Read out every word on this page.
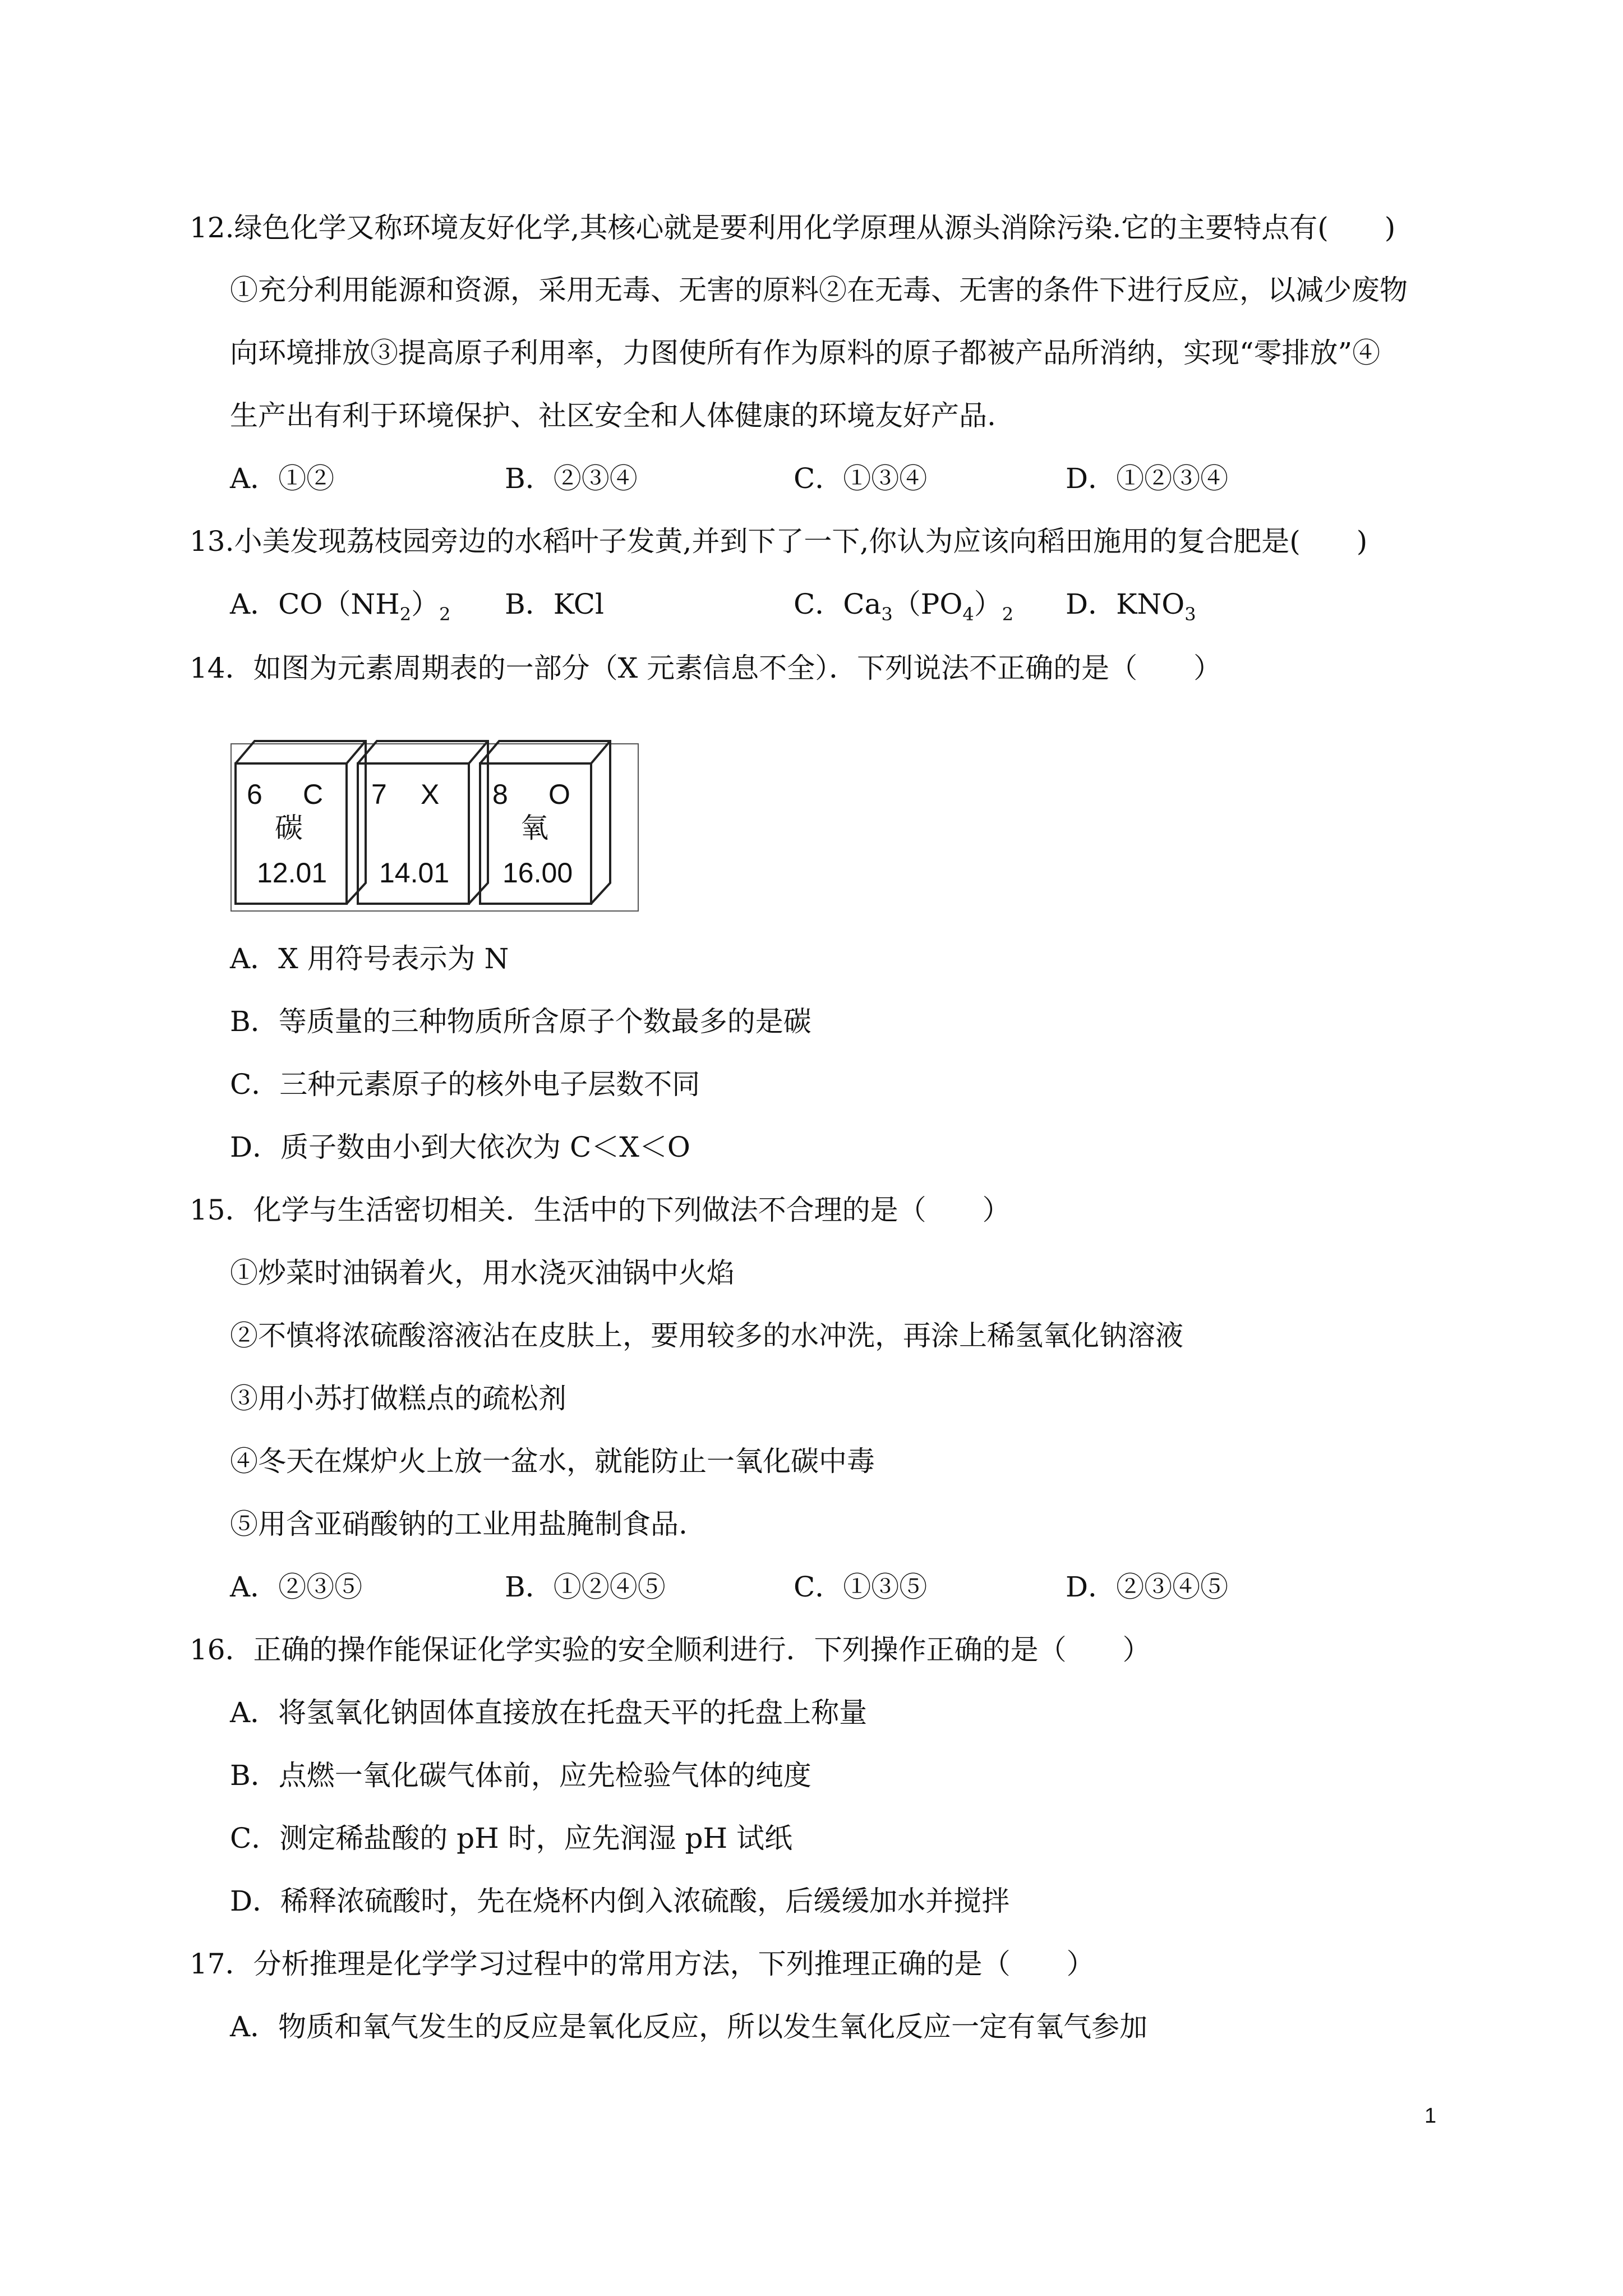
12.绿色化学又称环境友好化学,其核心就是要利用化学原理从源头消除污染.它的主要特点有(　　)
①充分利用能源和资源，采用无毒、无害的原料②在无毒、无害的条件下进行反应，以减少废物
向环境排放③提高原子利用率，力图使所有作为原料的原子都被产品所消纳，实现“零排放”④
生产出有利于环境保护、社区安全和人体健康的环境友好产品.
A．①②	B．②③④	C．①③④	D．①②③④
13.小美发现荔枝园旁边的水稻叶子发黄,并到下了一下,你认为应该向稻田施用的复合肥是(　　)
A．$CO(NH_2)_2$ B．KCl	C．$Ca_3(PO_4)_2$ D．$KNO_3$
14．如图为元素周期表的一部分（X 元素信息不全）．下列说法不正确的是（　　）
6 C
碳
12.01
7 X
14.01
8 O
氧
16.00
A．X 用符号表示为 N
B．等质量的三种物质所含原子个数最多的是碳
C．三种元素原子的核外电子层数不同
D．质子数由小到大依次为 C＜X＜O
15．化学与生活密切相关．生活中的下列做法不合理的是（　　）
①炒菜时油锅着火，用水浇灭油锅中火焰
②不慎将浓硫酸溶液沾在皮肤上，要用较多的水冲洗，再涂上稀氢氧化钠溶液
③用小苏打做糕点的疏松剂
④冬天在煤炉火上放一盆水，就能防止一氧化碳中毒
⑤用含亚硝酸钠的工业用盐腌制食品.
A．②③⑤	B．①②④⑤	C．①③⑤	D．②③④⑤
16．正确的操作能保证化学实验的安全顺利进行．下列操作正确的是（　　）
A．将氢氧化钠固体直接放在托盘天平的托盘上称量
B．点燃一氧化碳气体前，应先检验气体的纯度
C．测定稀盐酸的 pH 时，应先润湿 pH 试纸
D．稀释浓硫酸时，先在烧杯内倒入浓硫酸，后缓缓加水并搅拌
17．分析推理是化学学习过程中的常用方法，下列推理正确的是（　　）
A．物质和氧气发生的反应是氧化反应，所以发生氧化反应一定有氧气参加
1
